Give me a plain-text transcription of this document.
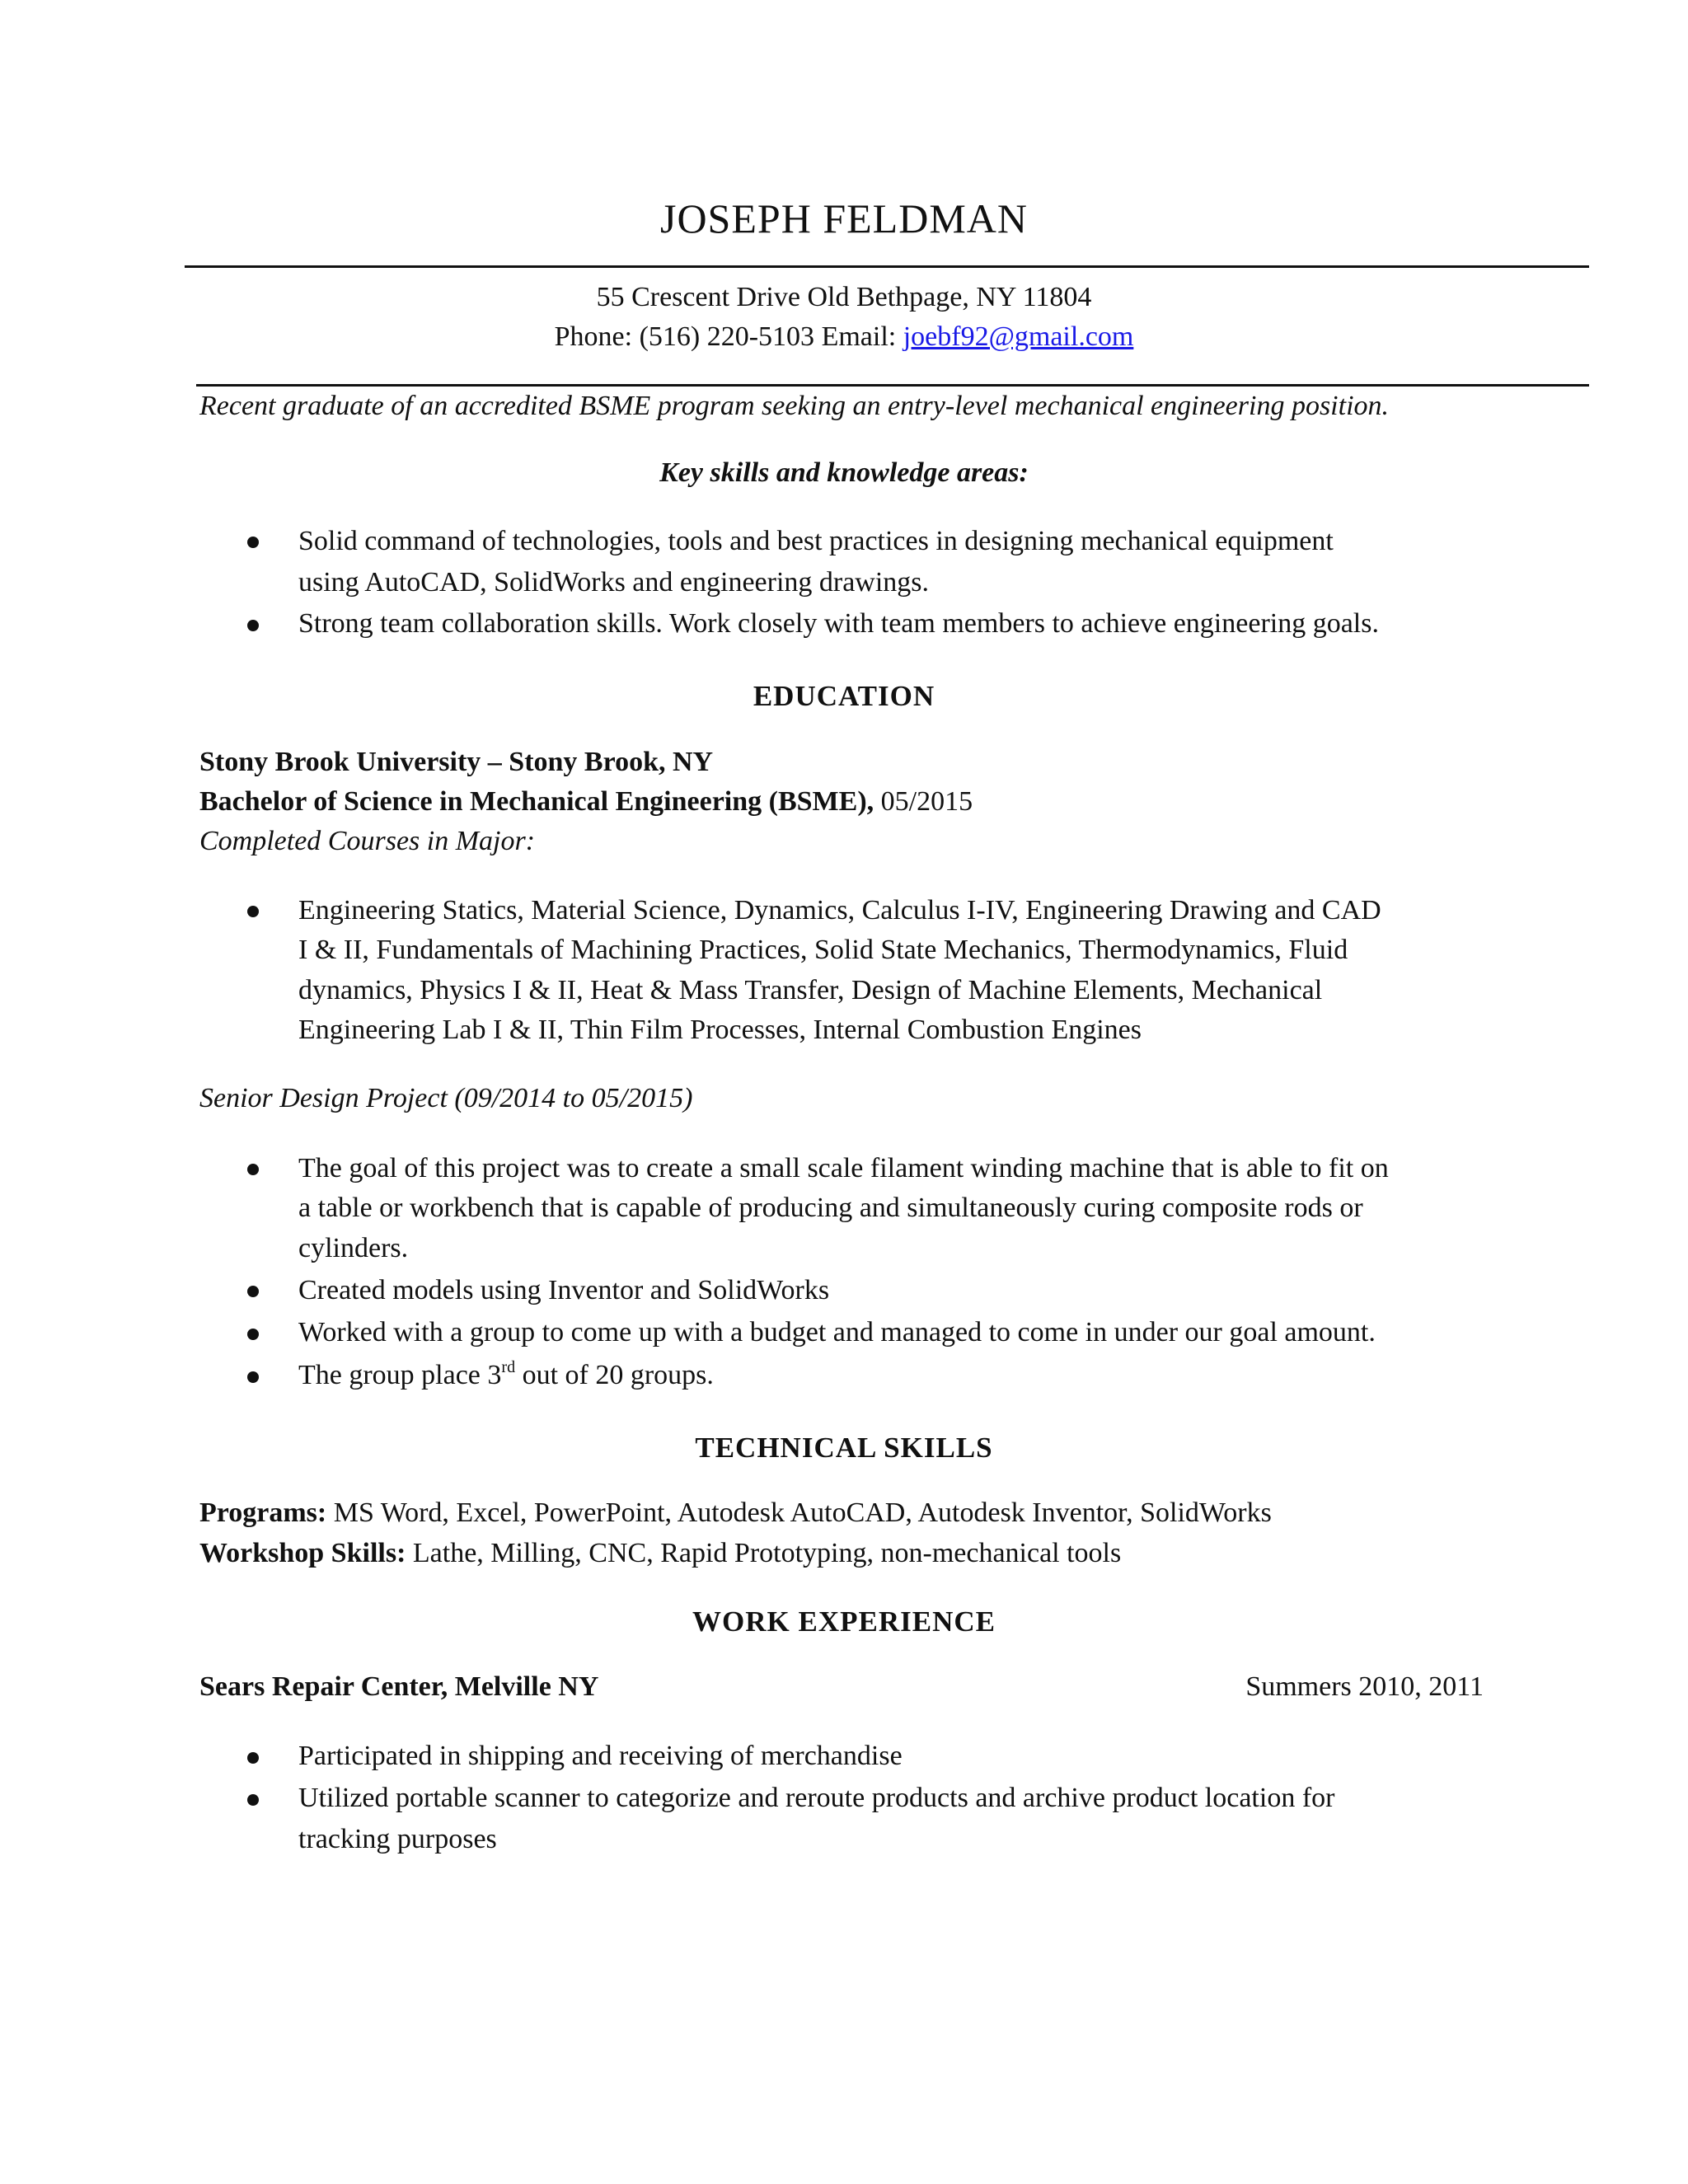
JOSEPH FELDMAN
55 Crescent Drive Old Bethpage, NY 11804
Phone: (516) 220-5103 Email: joebf92@gmail.com
Recent graduate of an accredited BSME program seeking an entry-level mechanical engineering position.
Key skills and knowledge areas:
Solid command of technologies, tools and best practices in designing mechanical equipment
using AutoCAD, SolidWorks and engineering drawings.
Strong team collaboration skills. Work closely with team members to achieve engineering goals.
EDUCATION
Stony Brook University – Stony Brook, NY
Bachelor of Science in Mechanical Engineering (BSME), 05/2015
Completed Courses in Major:
Engineering Statics, Material Science, Dynamics, Calculus I-IV, Engineering Drawing and CAD
I & II, Fundamentals of Machining Practices, Solid State Mechanics, Thermodynamics, Fluid
dynamics, Physics I & II, Heat & Mass Transfer, Design of Machine Elements, Mechanical
Engineering Lab I & II, Thin Film Processes, Internal Combustion Engines
Senior Design Project (09/2014 to 05/2015)
The goal of this project was to create a small scale filament winding machine that is able to fit on
a table or workbench that is capable of producing and simultaneously curing composite rods or
cylinders.
Created models using Inventor and SolidWorks
Worked with a group to come up with a budget and managed to come in under our goal amount.
The group place 3rd out of 20 groups.
TECHNICAL SKILLS
Programs: MS Word, Excel, PowerPoint, Autodesk AutoCAD, Autodesk Inventor, SolidWorks
Workshop Skills: Lathe, Milling, CNC, Rapid Prototyping, non-mechanical tools
WORK EXPERIENCE
Sears Repair Center, Melville NY	Summers 2010, 2011
Participated in shipping and receiving of merchandise
Utilized portable scanner to categorize and reroute products and archive product location for
tracking purposes
